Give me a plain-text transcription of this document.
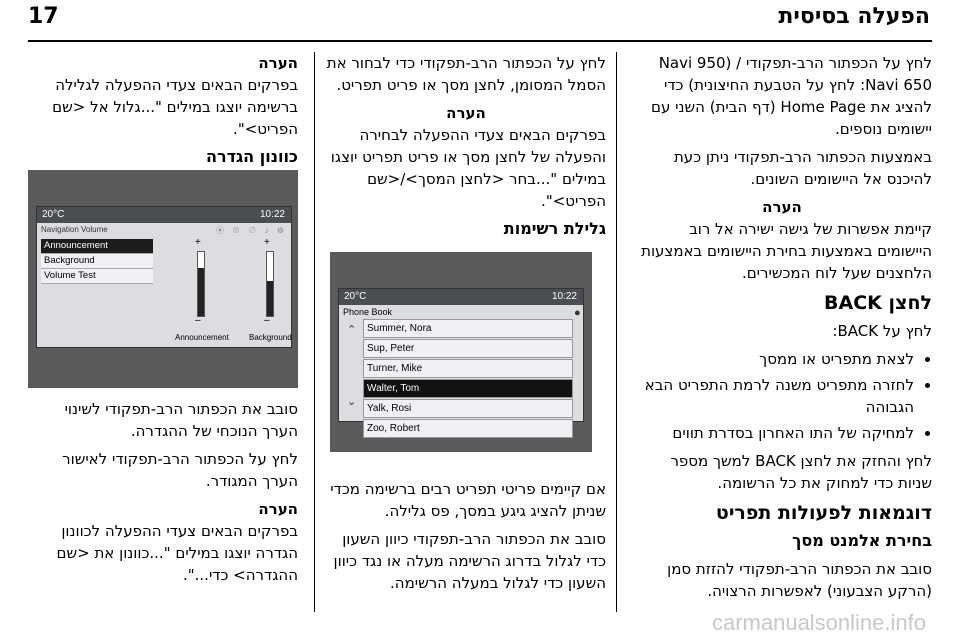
17	הפעלה בסיסית

לחץ על הכפתור הרב-תפקודי / Navi 950) Navi 650: לחץ על הטבעת החיצונית) כדי להציג את Home Page (דף הבית) השני עם יישומים נוספים.

באמצעות הכפתור הרב-תפקודי ניתן כעת להיכנס אל היישומים השונים.

הערה

קיימת אפשרות של גישה ישירה אל רוב היישומים באמצעות בחירת היישומים באמצעות הלחצנים שעל לוח המכשירים.

לחצן BACK

לחץ על BACK:

• לצאת מתפריט או ממסך
• לחזרה מתפריט משנה לרמת התפריט הבא הגבוהה
• למחיקה של התו האחרון בסדרת תווים

לחץ והחזק את לחצן BACK למשך מספר שניות כדי למחוק את כל הרשומה.

דוגמאות לפעולות תפריט
בחירת אלמנט מסך

סובב את הכפתור הרב-תפקודי להזזת סמן (הרקע הצבעוני) לאפשרות הרצויה.

לחץ על הכפתור הרב-תפקודי כדי לבחור את הסמל המסומן, לחצן מסך או פריט תפריט.

הערה

בפרקים הבאים צעדי ההפעלה לבחירה והפעלה של לחצן מסך או פריט תפריט יוצגו במילים "...בחר <לחצן המסך>/<שם הפריט>".

גלילת רשימות
20°C	10:22
Phone Book	●
⌃
⌄
Summer, Nora
Sup, Peter
Turner, Mike
Walter, Tom
Yalk, Rosi
Zoo, Robert

אם קיימים פריטי תפריט רבים ברשימה מכדי שניתן להציג גיגע במסך, פס גלילה.

סובב את הכפתור הרב-תפקודי כיוון השעון כדי לגלול בדרוג הרשימה מעלה או נגד כיוון השעון כדי לגלול במעלה הרשימה.

הערה

בפרקים הבאים צעדי ההפעלה לגלילה ברשימה יוצגו במילים "...גלול אל <שם הפריט>".

כוונון הגדרה
20°C	10:22
Navigation Volume	⦿ ⊗ ⊘ ♪ ⚙
Announcement
Background
Volume Test
+
–
+
–
Announcement	Background

סובב את הכפתור הרב-תפקודי לשינוי הערך הנוכחי של ההגדרה.

לחץ על הכפתור הרב-תפקודי לאישור הערך המגודר.

הערה

בפרקים הבאים צעדי ההפעלה לכוונון הגדרה יוצגו במילים "...כוונון את <שם ההגדרה> כדי...".

carmanualsonline.info
